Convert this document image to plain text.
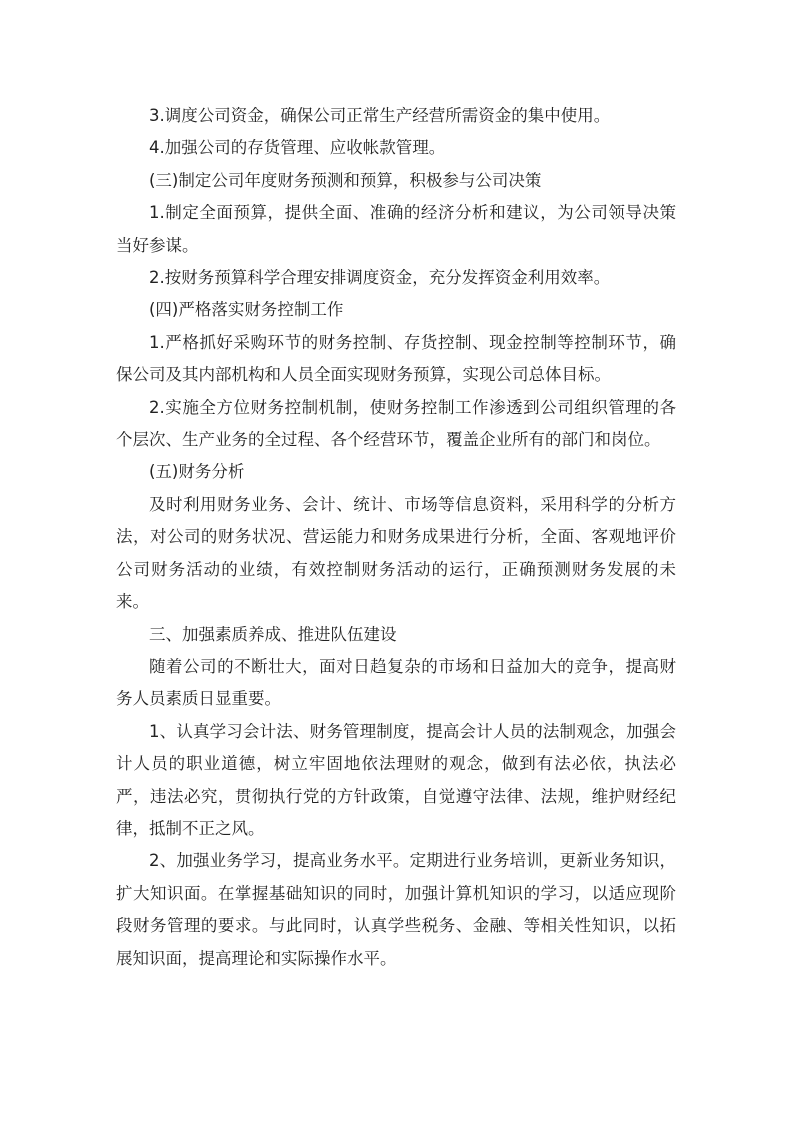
3.调度公司资金，确保公司正常生产经营所需资金的集中使用。

4.加强公司的存货管理、应收帐款管理。

(三)制定公司年度财务预测和预算，积极参与公司决策

1.制定全面预算，提供全面、准确的经济分析和建议，为公司领导决策当好参谋。

2.按财务预算科学合理安排调度资金，充分发挥资金利用效率。

(四)严格落实财务控制工作

1.严格抓好采购环节的财务控制、存货控制、现金控制等控制环节，确保公司及其内部机构和人员全面实现财务预算，实现公司总体目标。

2.实施全方位财务控制机制，使财务控制工作渗透到公司组织管理的各个层次、生产业务的全过程、各个经营环节，覆盖企业所有的部门和岗位。

(五)财务分析

及时利用财务业务、会计、统计、市场等信息资料，采用科学的分析方法，对公司的财务状况、营运能力和财务成果进行分析，全面、客观地评价公司财务活动的业绩，有效控制财务活动的运行，正确预测财务发展的未来。

三、加强素质养成、推进队伍建设

随着公司的不断壮大，面对日趋复杂的市场和日益加大的竞争，提高财务人员素质日显重要。

1、认真学习会计法、财务管理制度，提高会计人员的法制观念，加强会计人员的职业道德，树立牢固地依法理财的观念，做到有法必依，执法必严，违法必究，贯彻执行党的方针政策，自觉遵守法律、法规，维护财经纪律，抵制不正之风。

2、加强业务学习，提高业务水平。定期进行业务培训，更新业务知识，扩大知识面。在掌握基础知识的同时，加强计算机知识的学习，以适应现阶段财务管理的要求。与此同时，认真学些税务、金融、等相关性知识，以拓展知识面，提高理论和实际操作水平。
